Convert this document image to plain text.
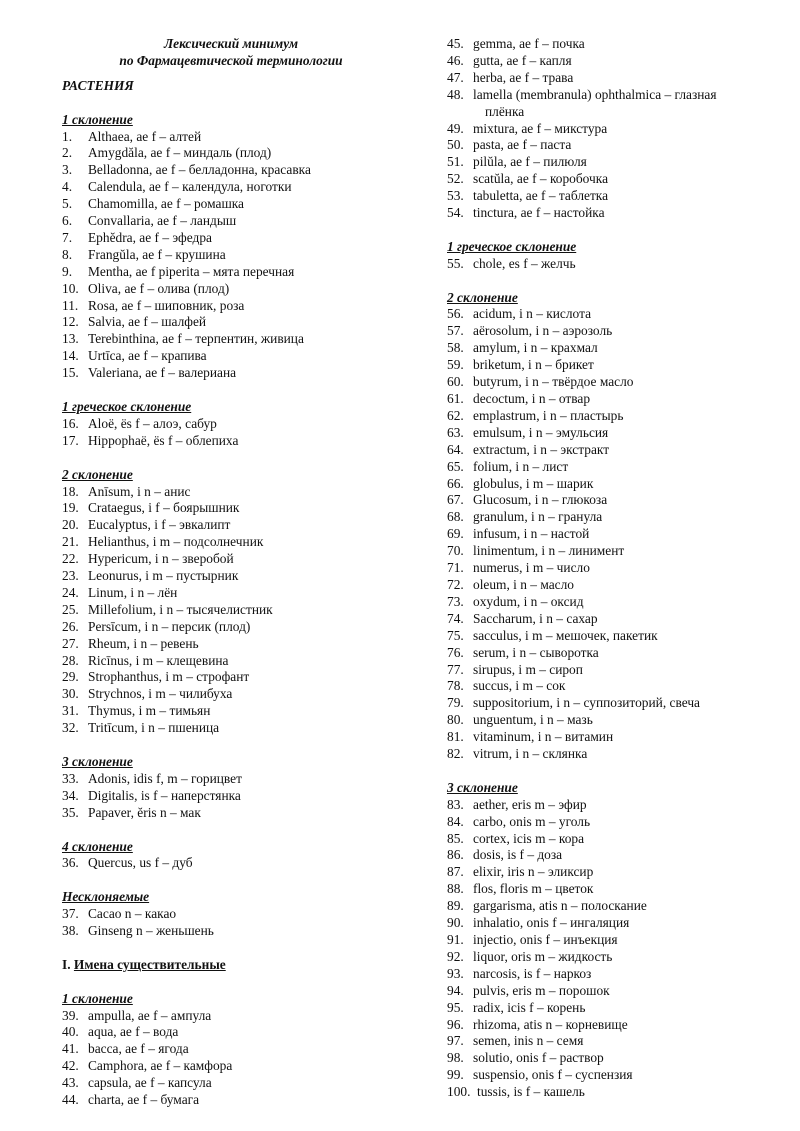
Лексический минимум

по Фармацевтической терминологии

РАСТЕНИЯ

1 склонение

1.	Althaea, ae f – алтей
2.	Amygdăla, ae f – миндаль (плод)
3.	Belladonna, ae f – белладонна, красавка
4.	Calendula, ae f – календула, ноготки
5.	Chamomilla, ae f – ромашка
6.	Convallaria, ae f – ландыш
7.	Ephĕdra, ae f – эфедра
8.	Frangŭla, ae f – крушина
9.	Mentha, ae f piperita – мята перечная
10. Oliva, ae f – олива (плод)
11. Rosa, ae f – шиповник, роза
12. Salvia, ae f – шалфей
13. Terebinthina, ae f – терпентин, живица
14. Urtīca, ae f – крапива
15. Valeriana, ae f – валериана

1 греческое склонение

16. Aloё, ёs f – алоэ, сабур
17. Hippophaё, ёs f – облепиха

2 склонение

18. Anīsum, i n – анис
19. Crataegus, i f – боярышник
20. Eucalyptus, i f – эвкалипт
21. Helianthus, i m – подсолнечник
22. Hypericum, i n – зверобой
23. Leonurus, i m – пустырник
24. Linum, i n – лён
25. Millefolium, i n – тысячелистник
26. Persīcum, i n – персик (плод)
27. Rheum, i n – ревень
28. Ricīnus, i m – клещевина
29. Strophanthus, i m – строфант
30. Strychnos, i m – чилибуха
31. Thymus, i m – тимьян
32. Tritīcum, i n – пшеница

3 склонение

33. Adonis, idis f, m – горицвет
34. Digitalis, is f – наперстянка
35. Papaver, ĕris n – мак

4 склонение

36. Quercus, us f – дуб

Несклоняемые

37. Cacao n – какао
38. Ginseng n – женьшень

I. Имена существительные

1 склонение

39. ampulla, ae f – ампула
40. aqua, ae f – вода
41. bacca, ae f – ягода
42. Camphora, ae f – камфора
43. capsula, ae f – капсула
44. charta, ae f – бумага
45. gemma, ae f – почка
46. gutta, ae f – капля
47. herba, ae f – трава
48. lamella (membranula) ophthalmica – глазная
плёнка
49. mixtura, ae f – микстура
50. pasta, ae f – паста
51. pilŭla, ae f – пилюля
52. scatŭla, ae f – коробочка
53. tabuletta, ae f – таблетка
54. tinctura, ae f – настойка

1 греческое склонение

55. chole, es f – желчь

2 склонение

56. acidum, i n – кислота
57. aёrosolum, i n – аэрозоль
58. amylum, i n – крахмал
59. briketum, i n – брикет
60. butyrum, i n – твёрдое масло
61. decoctum, i n – отвар
62. emplastrum, i n – пластырь
63. emulsum, i n – эмульсия
64. extractum, i n – экстракт
65. folium, i n – лист
66. globulus, i m – шарик
67. Glucosum, i n – глюкоза
68. granulum, i n – гранула
69. infusum, i n – настой
70. linimentum, i n – линимент
71. numerus, i m – число
72. oleum, i n – масло
73. oxydum, i n – оксид
74. Saccharum, i n – сахар
75. sacculus, i m – мешочек, пакетик
76. serum, i n – сыворотка
77. sirupus, i m – сироп
78. succus, i m – сок
79. suppositorium, i n – суппозиторий, свеча
80. unguentum, i n – мазь
81. vitaminum, i n – витамин
82. vitrum, i n – склянка

3 склонение

83. aether, eris m – эфир
84. carbo, onis m – уголь
85. cortex, icis m – кора
86. dosis, is f – доза
87. elixir, iris n – эликсир
88. flos, floris m – цветок
89. gargarisma, atis n – полоскание
90. inhalatio, onis f – ингаляция
91. injectio, onis f – инъекция
92. liquor, oris m – жидкость
93. narcosis, is f – наркоз
94. pulvis, eris m – порошок
95. radix, icis f – корень
96. rhizoma, atis n – корневище
97. semen, inis n – семя
98. solutio, onis f – раствор
99. suspensio, onis f – суспензия
100. tussis, is f – кашель
